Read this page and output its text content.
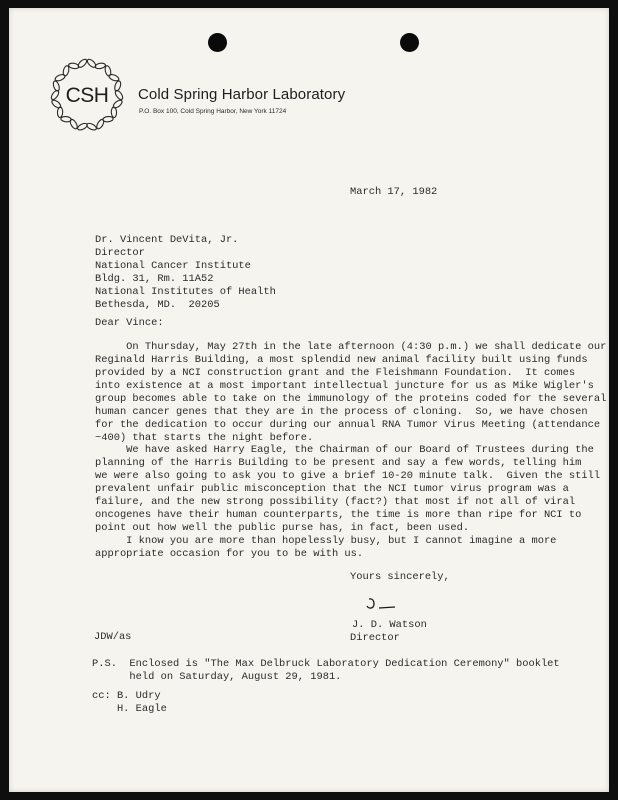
CSH Cold Spring Harbor Laboratory
P.O. Box 100, Cold Spring Harbor, New York 11724
March 17, 1982
Dr. Vincent DeVita, Jr.
Director
National Cancer Institute
Bldg. 31, Rm. 11A52
National Institutes of Health
Bethesda, MD.  20205
Dear Vince:
On Thursday, May 27th in the late afternoon (4:30 p.m.) we shall dedicate our
Reginald Harris Building, a most splendid new animal facility built using funds
provided by a NCI construction grant and the Fleishmann Foundation.  It comes
into existence at a most important intellectual juncture for us as Mike Wigler's
group becomes able to take on the immunology of the proteins coded for the several
human cancer genes that they are in the process of cloning.  So, we have chosen
for the dedication to occur during our annual RNA Tumor Virus Meeting (attendance
~400) that starts the night before.
We have asked Harry Eagle, the Chairman of our Board of Trustees during the
planning of the Harris Building to be present and say a few words, telling him
we were also going to ask you to give a brief 10-20 minute talk.  Given the still
prevalent unfair public misconception that the NCI tumor virus program was a
failure, and the new strong possibility (fact?) that most if not all of viral
oncogenes have their human counterparts, the time is more than ripe for NCI to
point out how well the public purse has, in fact, been used.
I know you are more than hopelessly busy, but I cannot imagine a more
appropriate occasion for you to be with us.
Yours sincerely,
J. D. Watson
Director
JDW/as
P.S.  Enclosed is "The Max Delbruck Laboratory Dedication Ceremony" booklet
held on Saturday, August 29, 1981.
cc: B. Udry
H. Eagle
